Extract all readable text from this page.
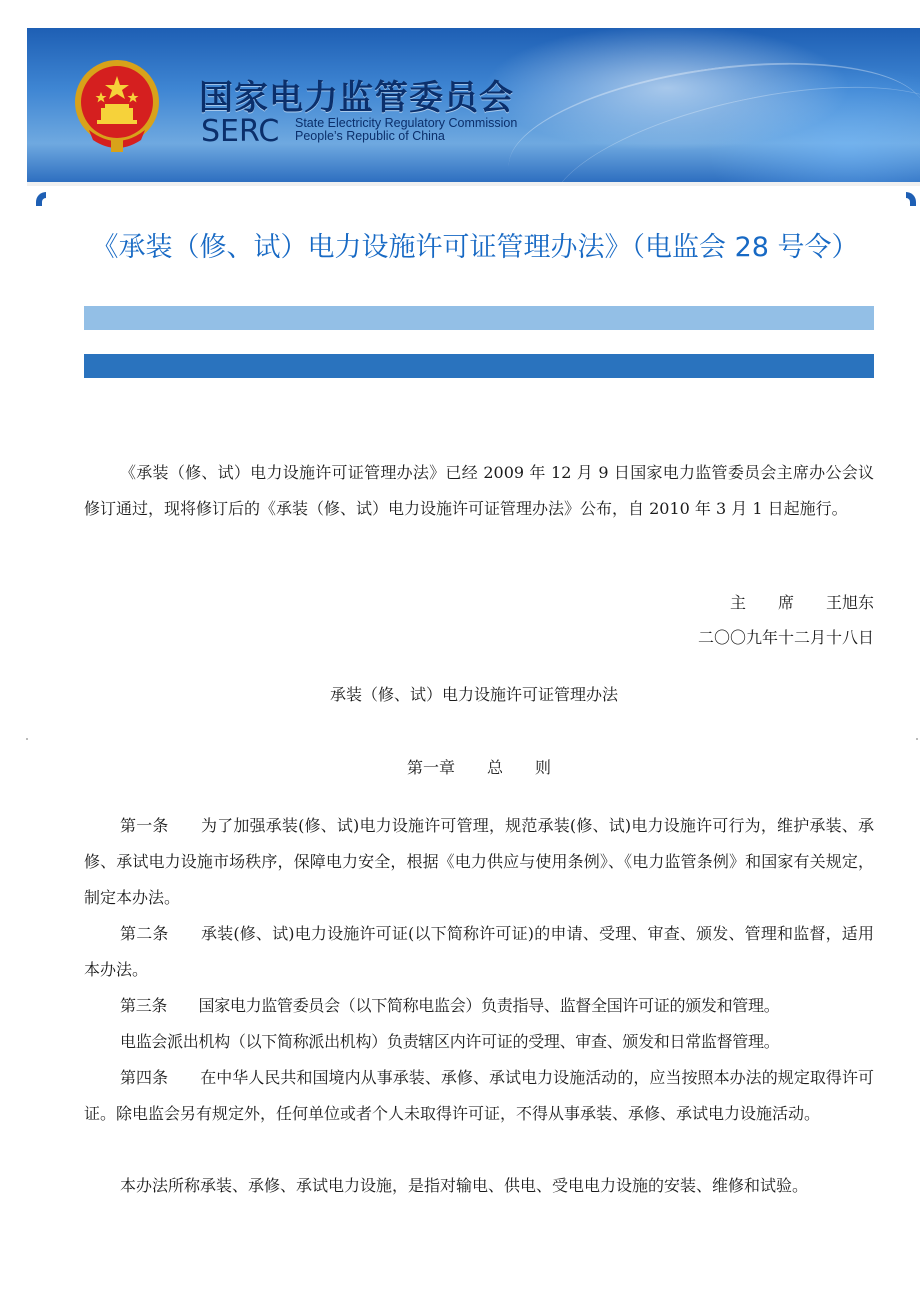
国家电力监管委员会
SERC State Electricity Regulatory Commission
People’s Republic of China
《承装（修、试）电力设施许可证管理办法》（电监会 28 号令）

《承装（修、试）电力设施许可证管理办法》已经 2009 年 12 月 9 日国家电力监管委员会主席办公会议修订通过，现将修订后的《承装（修、试）电力设施许可证管理办法》公布，自 2010 年 3 月 1 日起施行。

主　　席　　王旭东

二〇〇九年十二月十八日

承装（修、试）电力设施许可证管理办法

第一章　　总　　则

第一条　　为了加强承装(修、试)电力设施许可管理，规范承装(修、试)电力设施许可行为，维护承装、承修、承试电力设施市场秩序，保障电力安全，根据《电力供应与使用条例》、《电力监管条例》和国家有关规定，制定本办法。

第二条　　承装(修、试)电力设施许可证(以下简称许可证)的申请、受理、审查、颁发、管理和监督，适用本办法。

第三条　　国家电力监管委员会（以下简称电监会）负责指导、监督全国许可证的颁发和管理。

电监会派出机构（以下简称派出机构）负责辖区内许可证的受理、审查、颁发和日常监督管理。

第四条　　在中华人民共和国境内从事承装、承修、承试电力设施活动的，应当按照本办法的规定取得许可证。除电监会另有规定外，任何单位或者个人未取得许可证，不得从事承装、承修、承试电力设施活动。

本办法所称承装、承修、承试电力设施，是指对输电、供电、受电电力设施的安装、维修和试验。
